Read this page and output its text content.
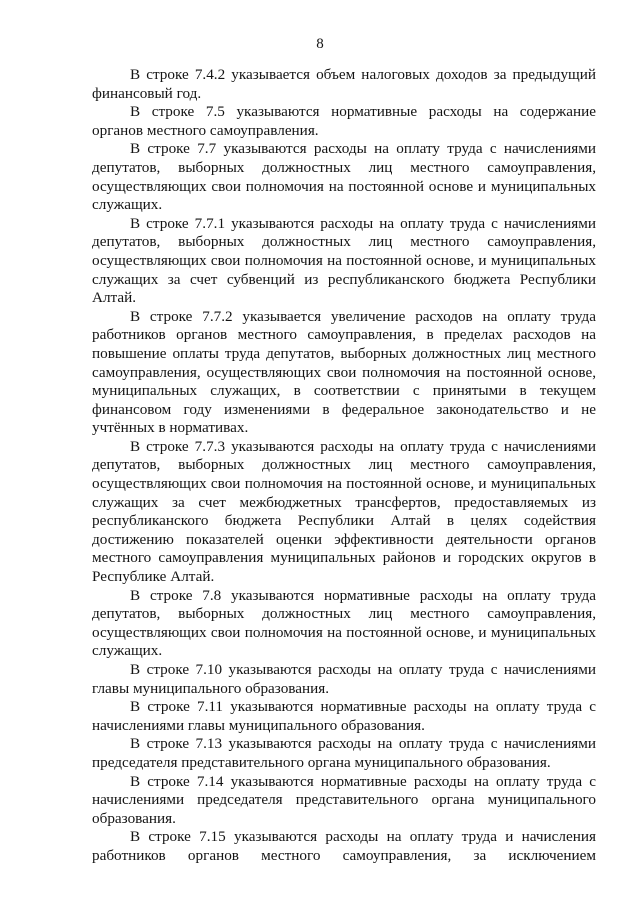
8

В строке 7.4.2 указывается объем налоговых доходов за предыдущий финансовый год.

В строке 7.5 указываются нормативные расходы на содержание органов местного самоуправления.

В строке 7.7 указываются расходы на оплату труда с начислениями депутатов, выборных должностных лиц местного самоуправления, осуществляющих свои полномочия на постоянной основе и муниципальных служащих.

В строке 7.7.1 указываются расходы на оплату труда с начислениями депутатов, выборных должностных лиц местного самоуправления, осуществляющих свои полномочия на постоянной основе, и муниципальных служащих за счет субвенций из республиканского бюджета Республики Алтай.

В строке 7.7.2 указывается увеличение расходов на оплату труда работников органов местного самоуправления, в пределах расходов на повышение оплаты труда депутатов, выборных должностных лиц местного самоуправления, осуществляющих свои полномочия на постоянной основе, муниципальных служащих, в соответствии с принятыми в текущем финансовом году изменениями в федеральное законодательство и не учтённых в нормативах.

В строке 7.7.3 указываются расходы на оплату труда с начислениями депутатов, выборных должностных лиц местного самоуправления, осуществляющих свои полномочия на постоянной основе, и муниципальных служащих за счет межбюджетных трансфертов, предоставляемых из республиканского бюджета Республики Алтай в целях содействия достижению показателей оценки эффективности деятельности органов местного самоуправления муниципальных районов и городских округов в Республике Алтай.

В строке 7.8 указываются нормативные расходы на оплату труда депутатов, выборных должностных лиц местного самоуправления, осуществляющих свои полномочия на постоянной основе, и муниципальных служащих.

В строке 7.10 указываются расходы на оплату труда с начислениями главы муниципального образования.

В строке 7.11 указываются нормативные расходы на оплату труда с начислениями главы муниципального образования.

В строке 7.13 указываются расходы на оплату труда с начислениями председателя представительного органа муниципального образования.

В строке 7.14 указываются нормативные расходы на оплату труда с начислениями председателя представительного органа муниципального образования.

В строке 7.15 указываются расходы на оплату труда и начисления работников органов местного самоуправления, за исключением
